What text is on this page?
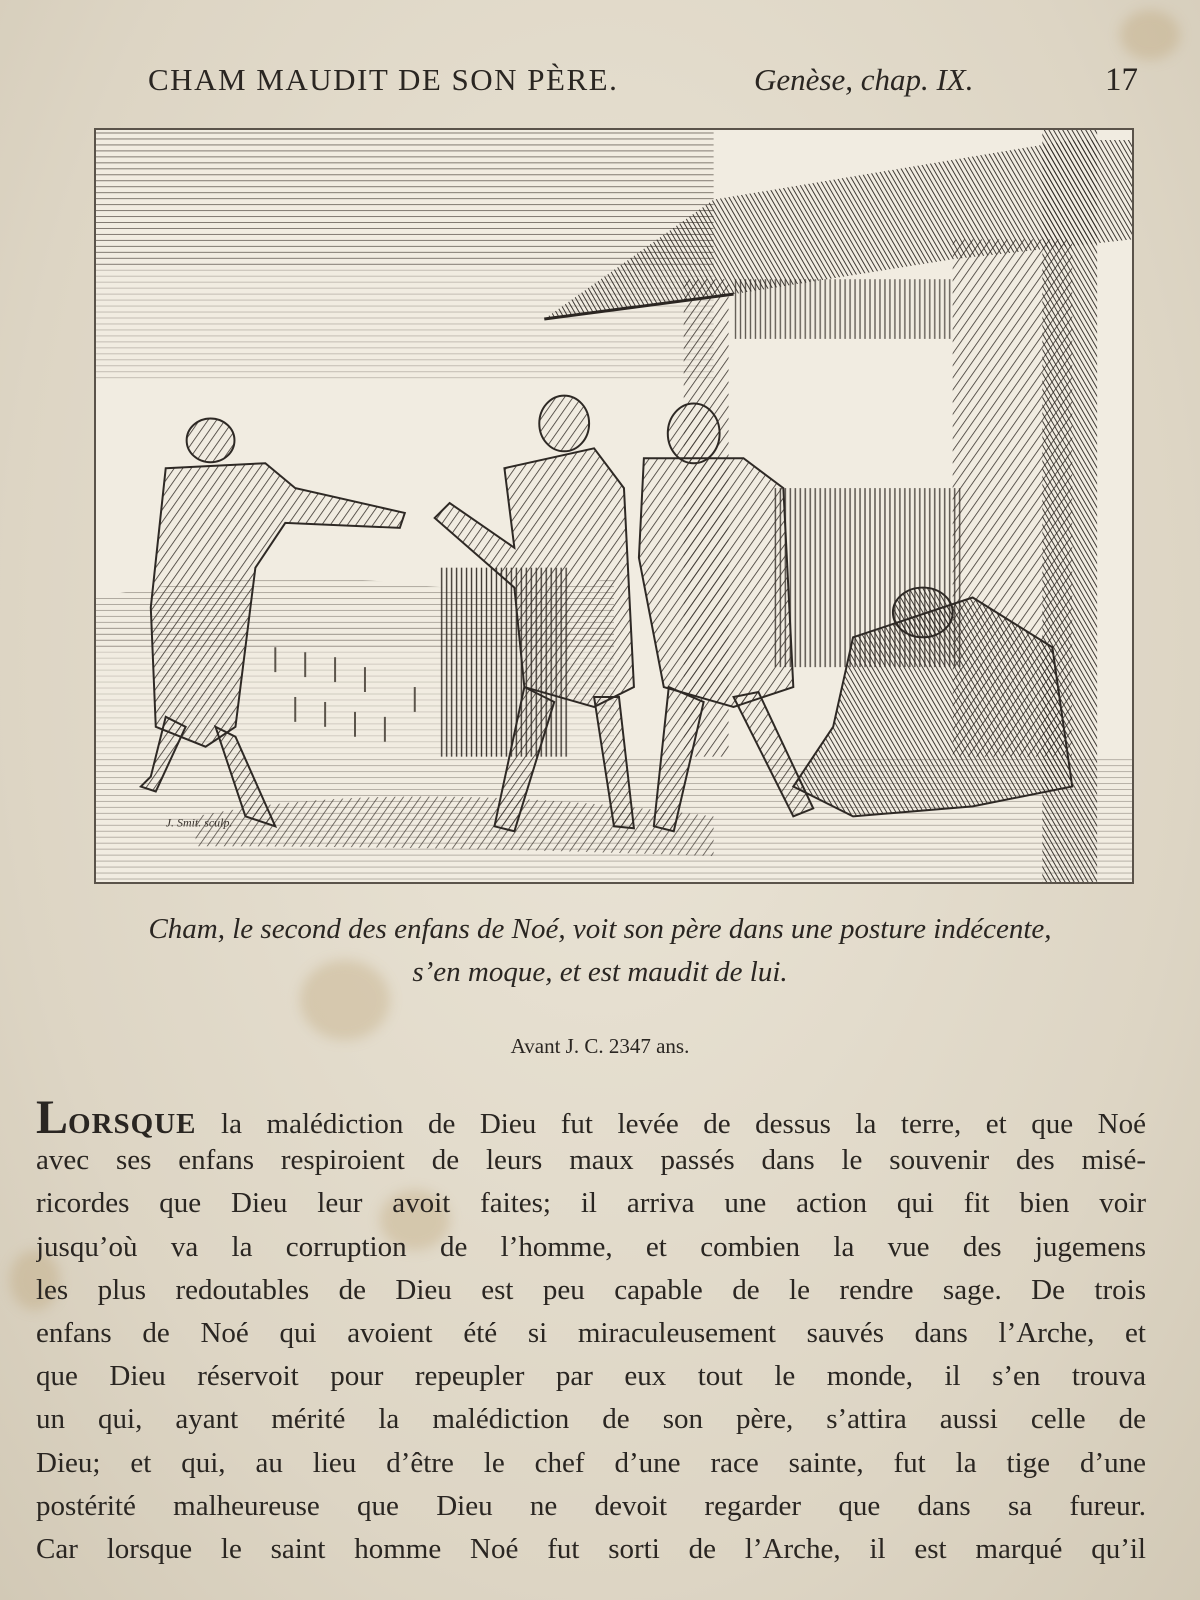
CHAM MAUDIT DE SON PÈRE.	Genèse, chap. IX.	17
J. Smit. sculp.
Cham, le second des enfans de Noé, voit son père dans une posture indécente,
s’en moque, et est maudit de lui.
Avant J. C. 2347 ans.
LORSQUE la malédiction de Dieu fut levée de dessus la terre, et que Noé
avec ses enfans respiroient de leurs maux passés dans le souvenir des misé-
ricordes que Dieu leur avoit faites; il arriva une action qui fit bien voir
jusqu’où va la corruption de l’homme, et combien la vue des jugemens
les plus redoutables de Dieu est peu capable de le rendre sage. De trois
enfans de Noé qui avoient été si miraculeusement sauvés dans l’Arche, et
que Dieu réservoit pour repeupler par eux tout le monde, il s’en trouva
un qui, ayant mérité la malédiction de son père, s’attira aussi celle de
Dieu; et qui, au lieu d’être le chef d’une race sainte, fut la tige d’une
postérité malheureuse que Dieu ne devoit regarder que dans sa fureur.
Car lorsque le saint homme Noé fut sorti de l’Arche, il est marqué qu’il
